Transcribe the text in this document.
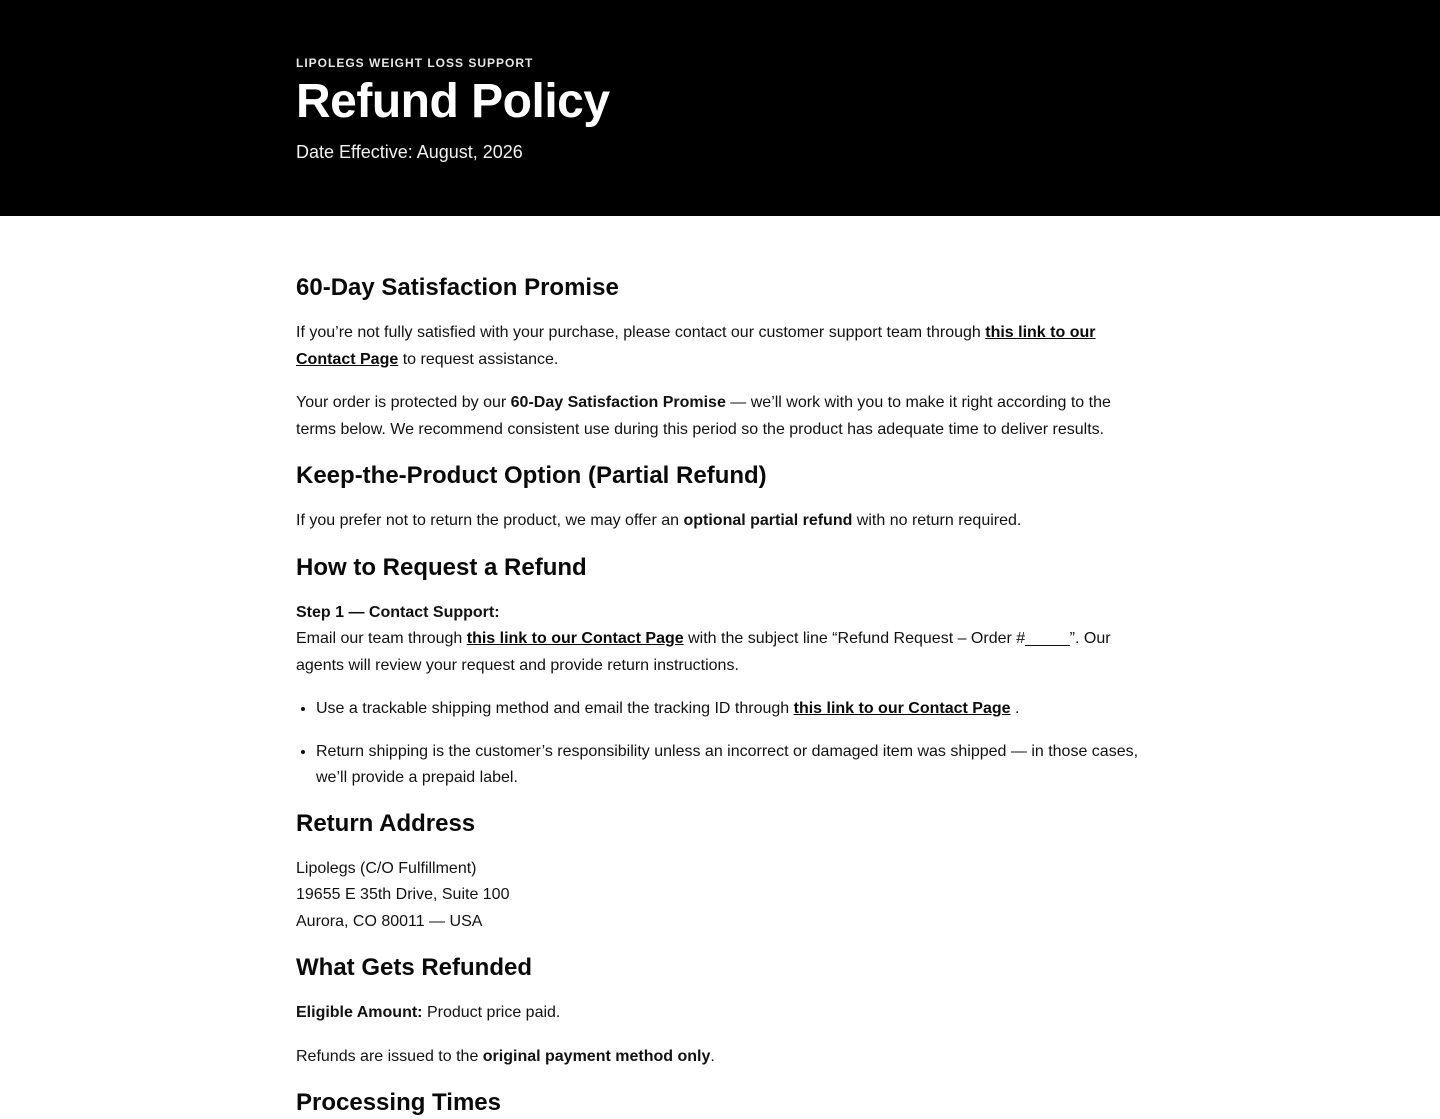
LIPOLEGS WEIGHT LOSS SUPPORT

Refund Policy
Date Effective: August, 2026
60-Day Satisfaction Promise

If you’re not fully satisfied with your purchase, please contact our customer support team through this link to our Contact Page to request assistance.

Your order is protected by our 60-Day Satisfaction Promise — we’ll work with you to make it right according to the terms below. We recommend consistent use during this period so the product has adequate time to deliver results.

Keep-the-Product Option (Partial Refund)

If you prefer not to return the product, we may offer an optional partial refund with no return required.

How to Request a Refund

Step 1 — Contact Support:
Email our team through this link to our Contact Page with the subject line “Refund Request – Order #_____”. Our agents will review your request and provide return instructions.

• Use a trackable shipping method and email the tracking ID through this link to our Contact Page .
• Return shipping is the customer’s responsibility unless an incorrect or damaged item was shipped — in those cases, we’ll provide a prepaid label.
Return Address
Lipolegs (C/O Fulfillment)
19655 E 35th Drive, Suite 100
Aurora, CO 80011 — USA
What Gets Refunded

Eligible Amount: Product price paid.

Refunds are issued to the original payment method only.

Processing Times
